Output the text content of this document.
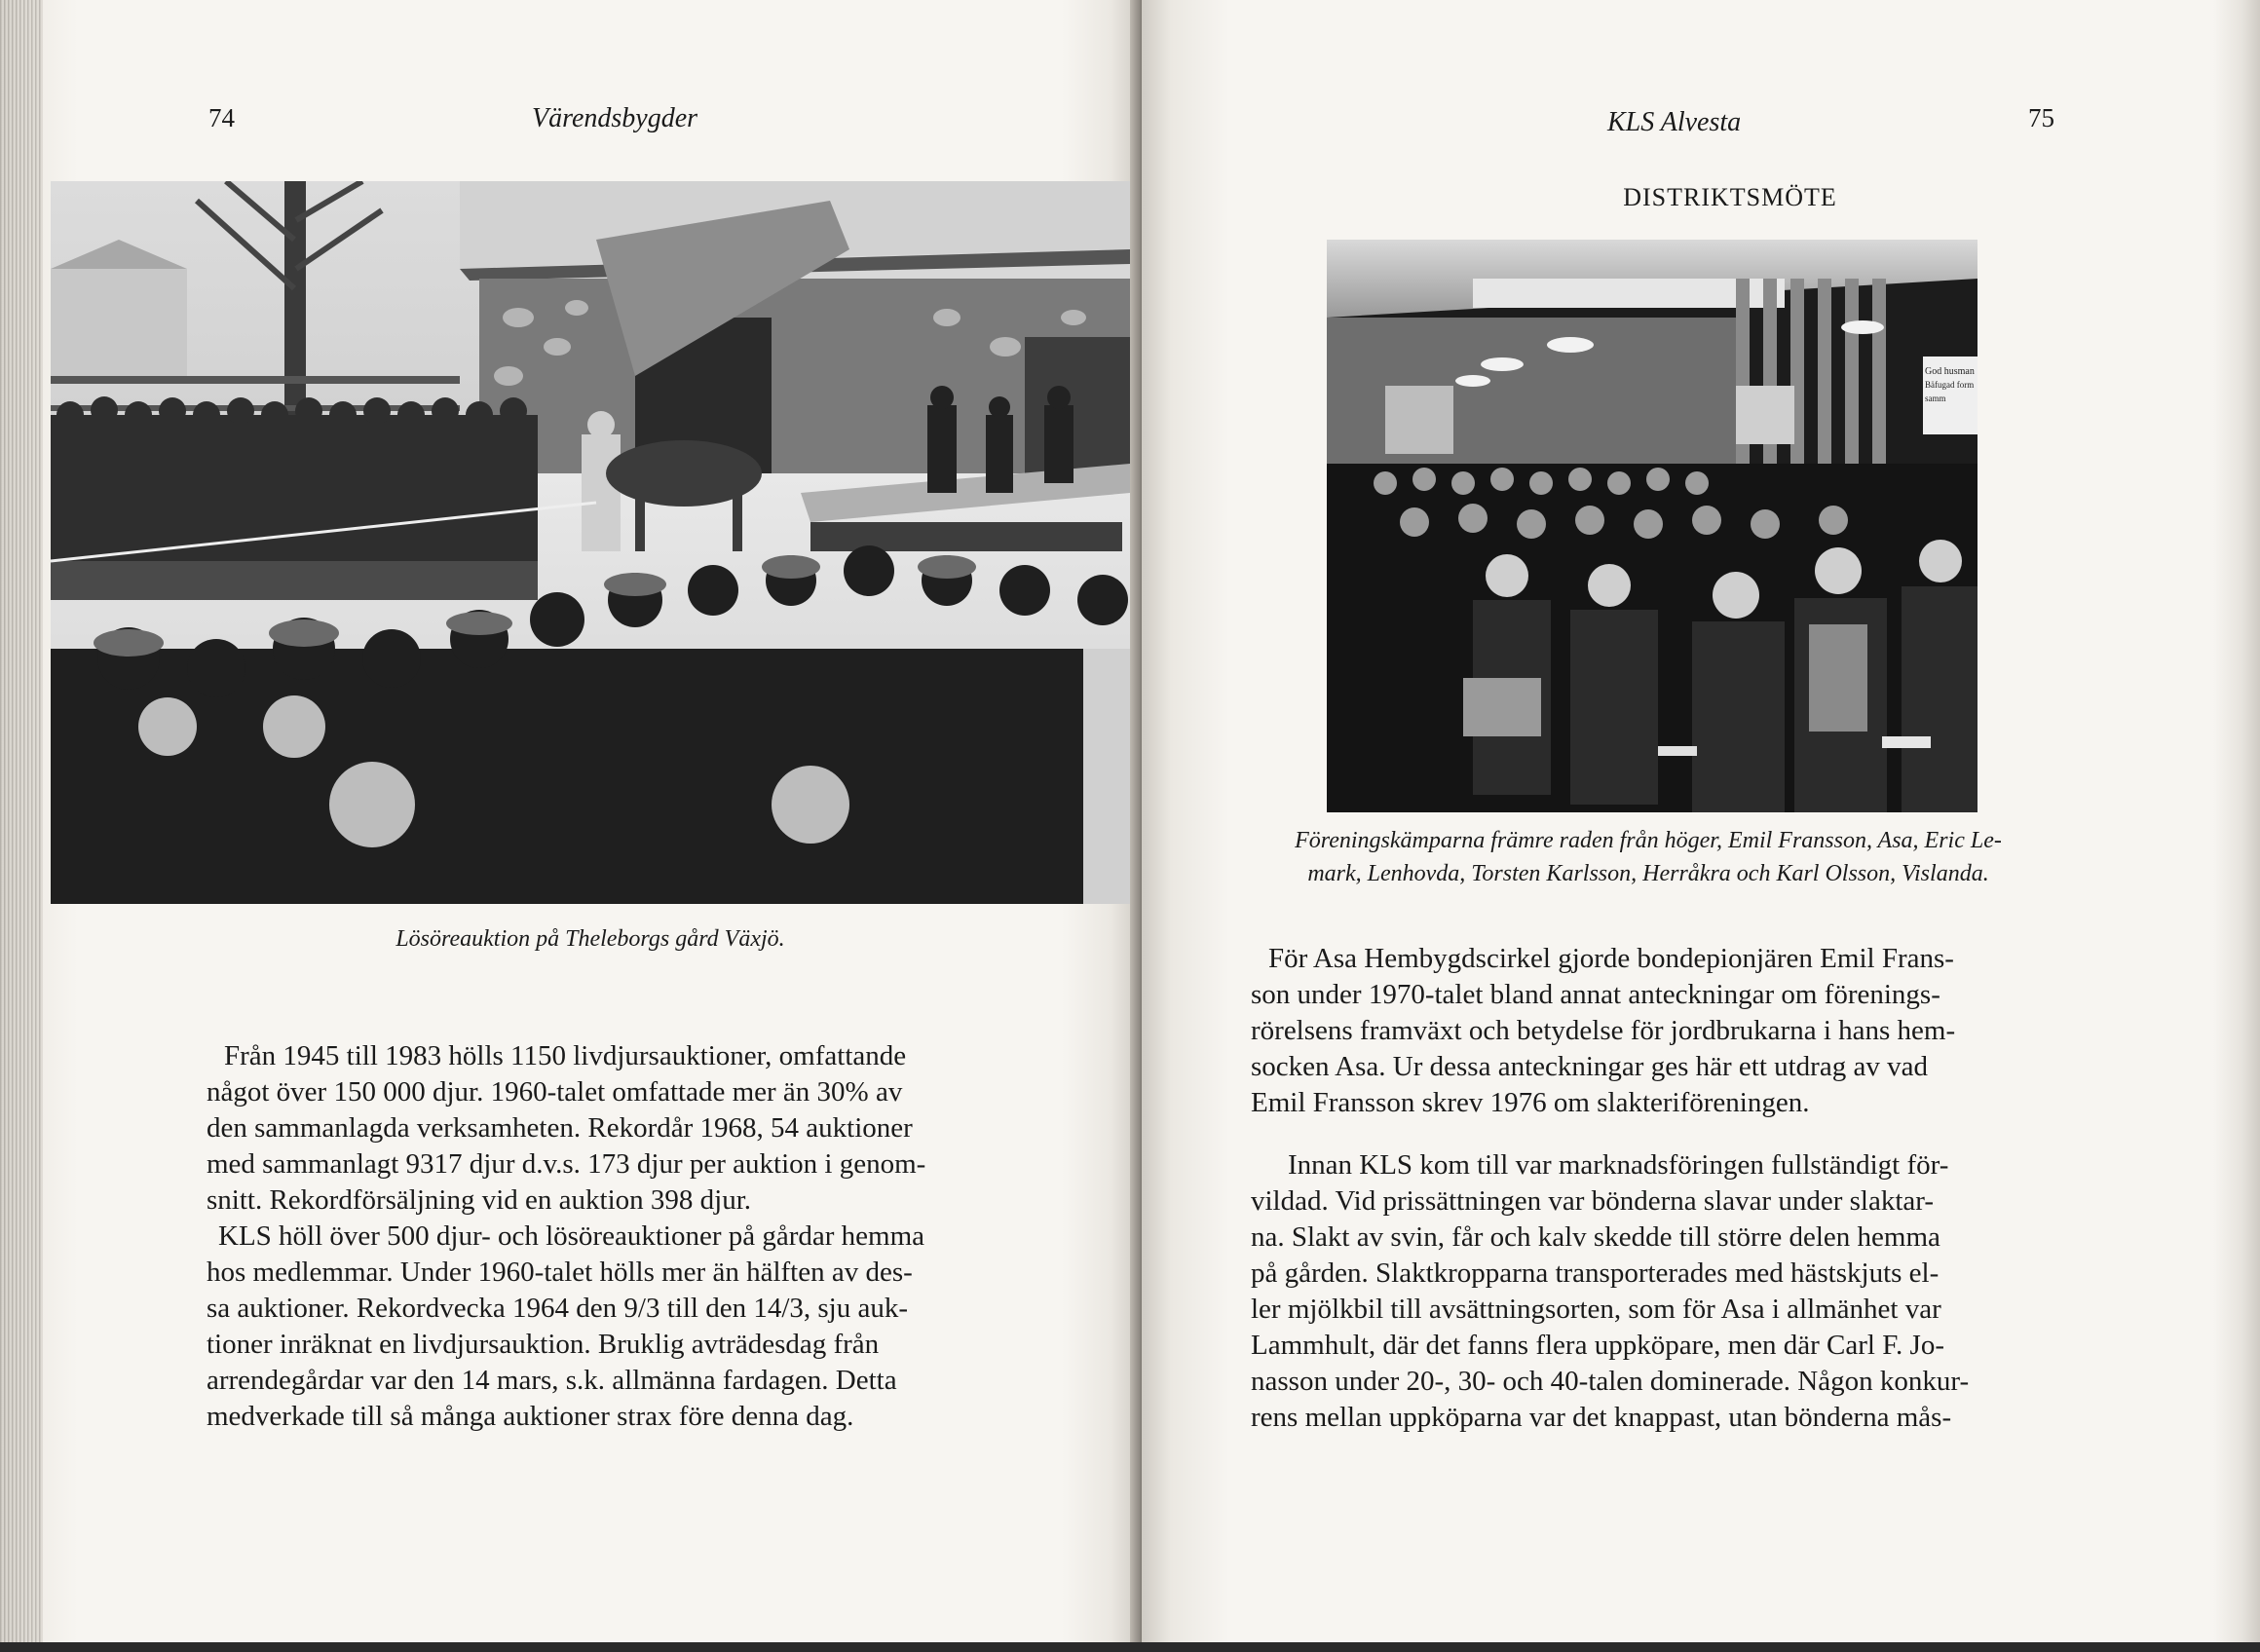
74	Värendsbygder
Lösöreauktion på Theleborgs gård Växjö.
Från 1945 till 1983 hölls 1150 livdjursauktioner, omfattande
något över 150 000 djur. 1960-talet omfattade mer än 30% av
den sammanlagda verksamheten. Rekordår 1968, 54 auktioner
med sammanlagt 9317 djur d.v.s. 173 djur per auktion i genom-
snitt. Rekordförsäljning vid en auktion 398 djur.
KLS höll över 500 djur- och lösöreauktioner på gårdar hemma
hos medlemmar. Under 1960-talet hölls mer än hälften av des-
sa auktioner. Rekordvecka 1964 den 9/3 till den 14/3, sju auk-
tioner inräknat en livdjursauktion. Bruklig avträdesdag från
arrendegårdar var den 14 mars, s.k. allmänna fardagen. Detta
medverkade till så många auktioner strax före denna dag.
KLS Alvesta	75
DISTRIKTSMÖTE
God husman
Bäfugad form
samm
Föreningskämparna främre raden från höger, Emil Fransson, Asa, Eric Le-
mark, Lenhovda, Torsten Karlsson, Herråkra och Karl Olsson, Vislanda.
För Asa Hembygdscirkel gjorde bondepionjären Emil Frans-
son under 1970-talet bland annat anteckningar om förenings-
rörelsens framväxt och betydelse för jordbrukarna i hans hem-
socken Asa. Ur dessa anteckningar ges här ett utdrag av vad
Emil Fransson skrev 1976 om slakteriföreningen.
Innan KLS kom till var marknadsföringen fullständigt för-
vildad. Vid prissättningen var bönderna slavar under slaktar-
na. Slakt av svin, får och kalv skedde till större delen hemma
på gården. Slaktkropparna transporterades med hästskjuts el-
ler mjölkbil till avsättningsorten, som för Asa i allmänhet var
Lammhult, där det fanns flera uppköpare, men där Carl F. Jo-
nasson under 20-, 30- och 40-talen dominerade. Någon konkur-
rens mellan uppköparna var det knappast, utan bönderna mås-
